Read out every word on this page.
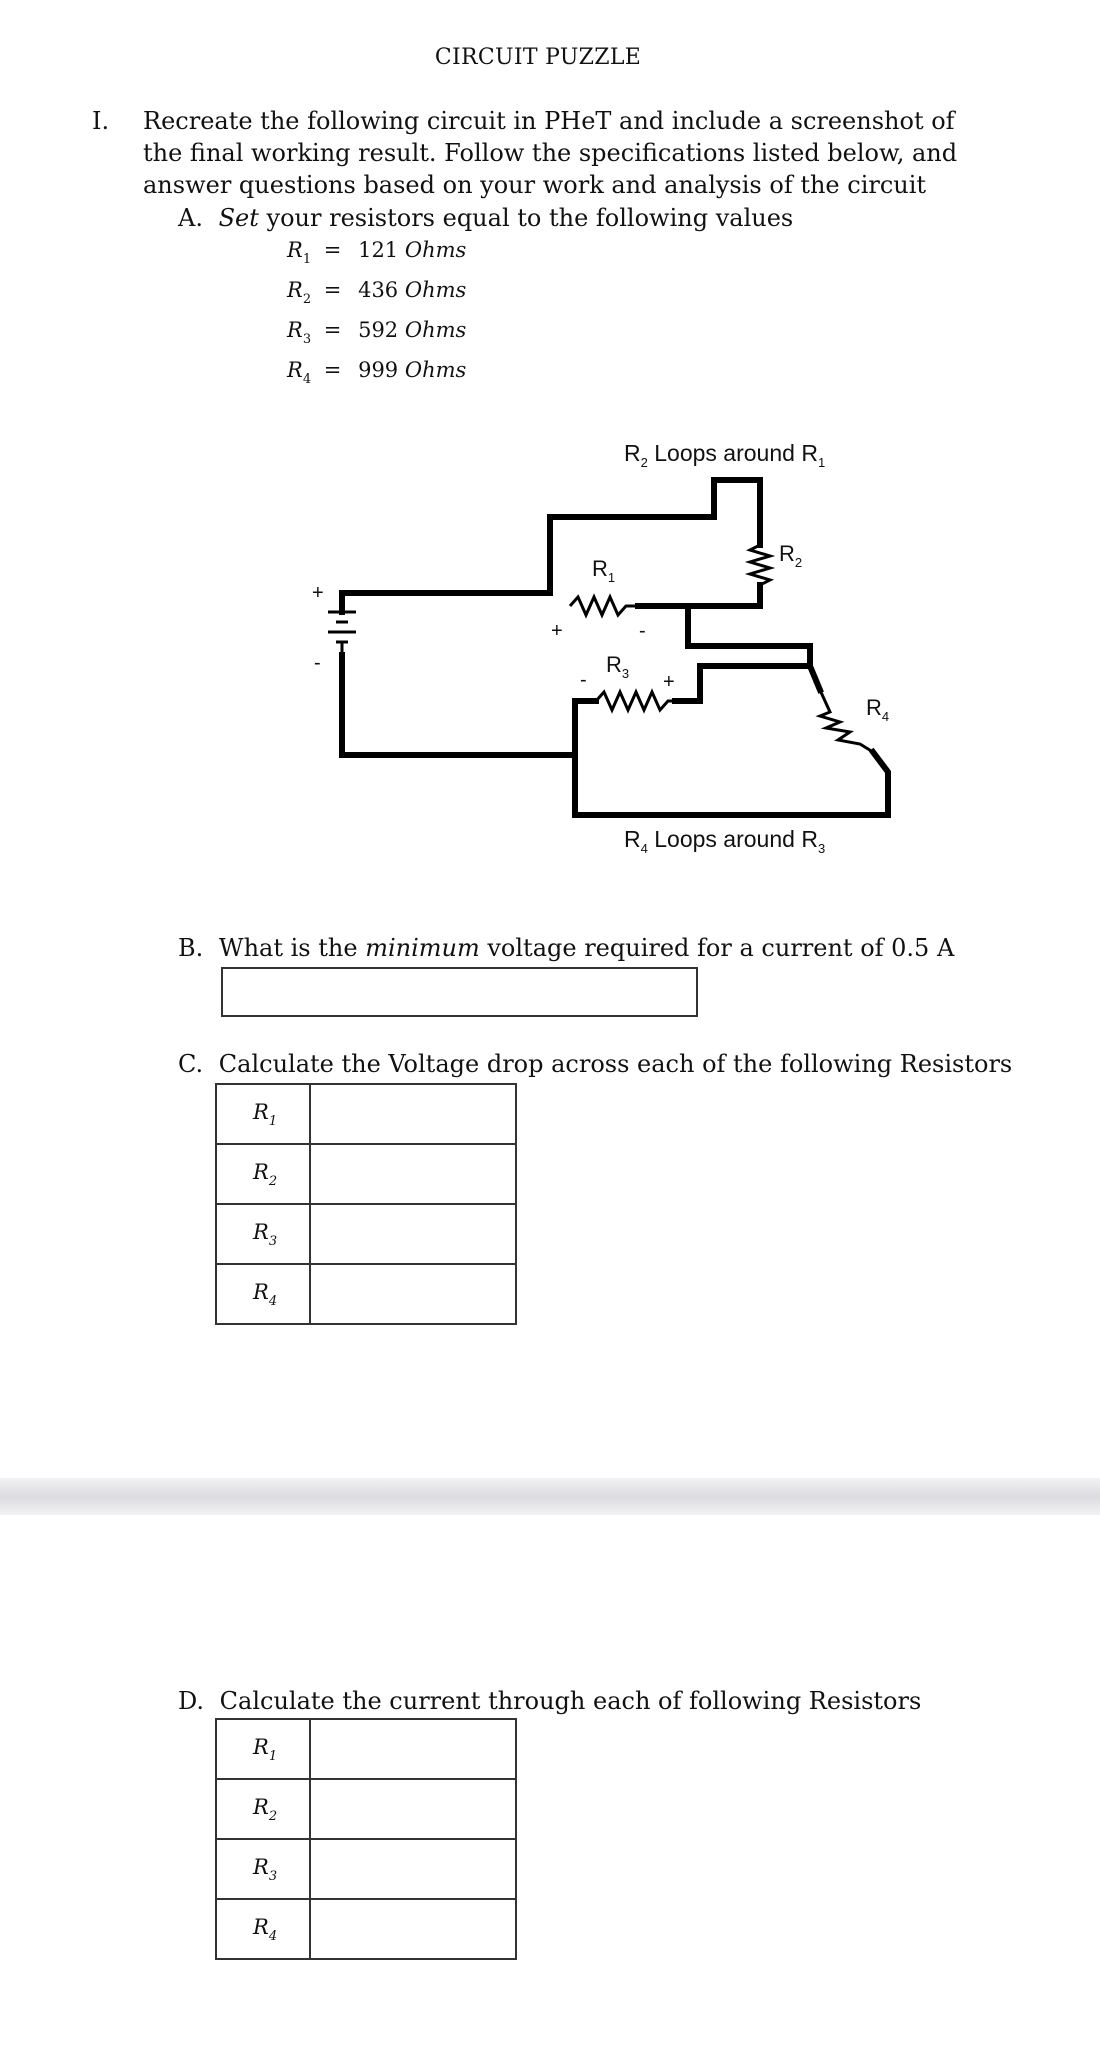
CIRCUIT PUZZLE
I. Recreate the following circuit in PHeT and include a screenshot of the final working result. Follow the specifications listed below, and answer questions based on your work and analysis of the circuit
A. Set your resistors equal to the following values
$R_1 = 121$ Ohms
$R_2 = 436$ Ohms
$R_3 = 592$ Ohms
$R_4 = 999$ Ohms
$R_2$ Loops around $R_1$
$R_4$ Loops around $R_3$
$R_1$
$R_2$
$R_3$
$R_4$
+
-
+	-
-	+
B. What is the minimum voltage required for a current of 0.5 A
C. Calculate the Voltage drop across each of the following Resistors
$R_1$	
$R_2$	
$R_3$	
$R_4$	
D. Calculate the current through each of following Resistors
$R_1$	
$R_2$	
$R_3$	
$R_4$	
